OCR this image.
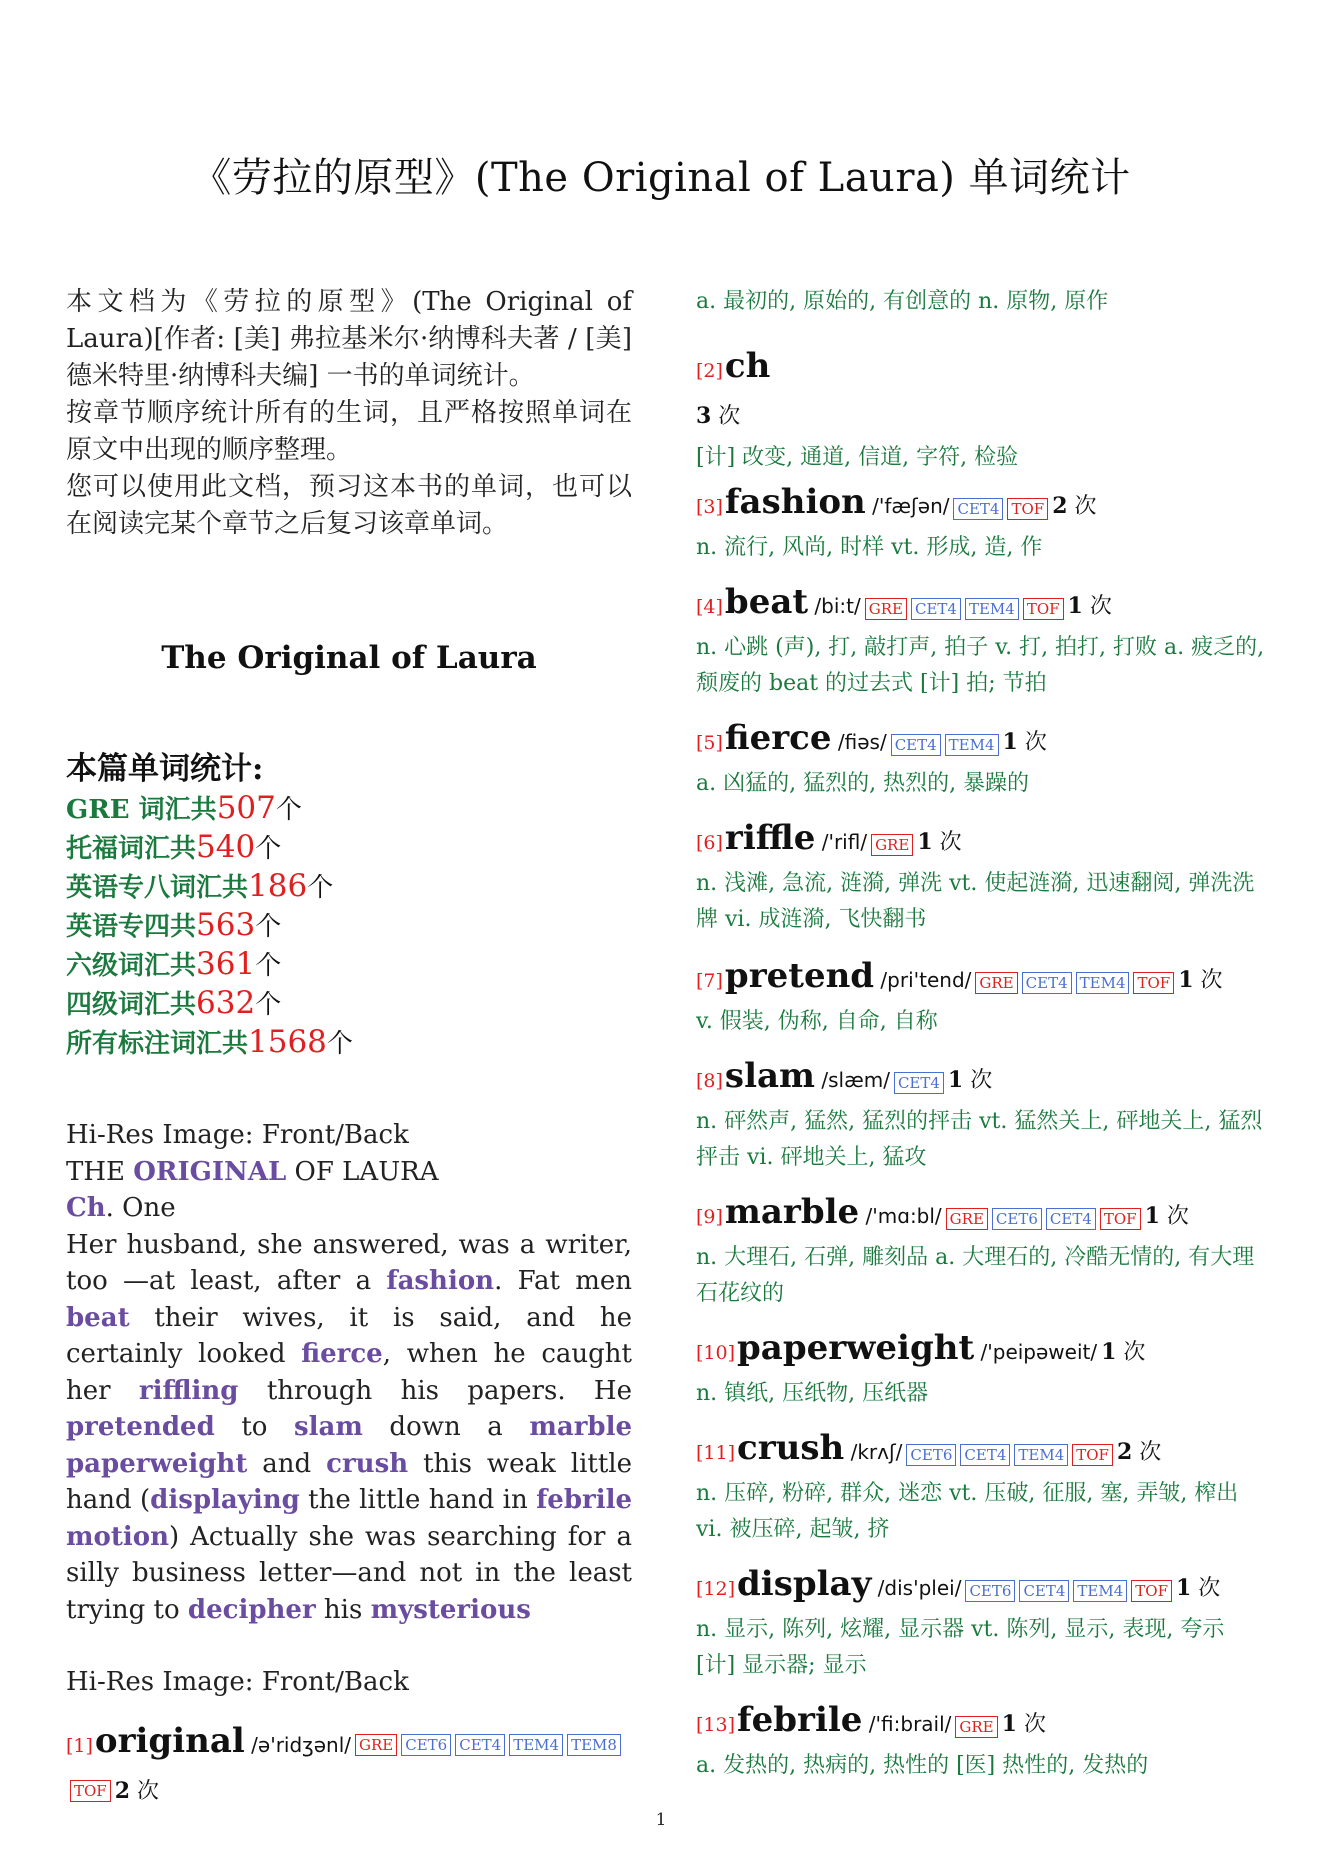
《劳拉的原型》(The Original of Laura) 单词统计

本文档为《劳拉的原型》(The Original of Laura)[作者: [美] 弗拉基米尔·纳博科夫著 / [美] 德米特里·纳博科夫编] 一书的单词统计。

按章节顺序统计所有的生词，且严格按照单词在原文中出现的顺序整理。

您可以使用此文档，预习这本书的单词，也可以在阅读完某个章节之后复习该章单词。

The Original of Laura
本篇单词统计:
GRE 词汇共507个
托福词汇共540个
英语专八词汇共186个
英语专四共563个
六级词汇共361个
四级词汇共632个
所有标注词汇共1568个

Hi-Res Image: Front/Back

THE ORIGINAL OF LAURA

Ch. One

Her husband, she answered, was a writer, too —at least, after a fashion. Fat men beat their wives, it is said, and he certainly looked fierce, when he caught her riffling through his papers. He pretended to slam down a marble paperweight and crush this weak little hand (displaying the little hand in febrile motion) Actually she was searching for a silly business letter—and not in the least trying to decipher his mysterious

Hi-Res Image: Front/Back

[1]original /ə'ridʒənl/ GRE CET6 CET4 TEM4 TEM8TOF 2 次

a. 最初的, 原始的, 有创意的 n. 原物, 原作

[2]ch
3 次

[计] 改变, 通道, 信道, 字符, 检验

[3]fashion /'fæʃən/ CET4 TOF 2 次

n. 流行, 风尚, 时样 vt. 形成, 造, 作

[4]beat /bi:t/ GRE CET4 TEM4 TOF 1 次

n. 心跳 (声), 打, 敲打声, 拍子 v. 打, 拍打, 打败 a. 疲乏的, 颓废的 beat 的过去式 [计] 拍; 节拍

[5]fierce /fiəs/ CET4 TEM4 1 次

a. 凶猛的, 猛烈的, 热烈的, 暴躁的

[6]riffle /'rifl/ GRE 1 次

n. 浅滩, 急流, 涟漪, 弹洗 vt. 使起涟漪, 迅速翻阅, 弹洗洗牌 vi. 成涟漪, 飞快翻书

[7]pretend /pri'tend/ GRE CET4 TEM4 TOF 1 次

v. 假装, 伪称, 自命, 自称

[8]slam /slæm/ CET4 1 次

n. 砰然声, 猛然, 猛烈的抨击 vt. 猛然关上, 砰地关上, 猛烈抨击 vi. 砰地关上, 猛攻

[9]marble /'mɑ:bl/ GRE CET6 CET4 TOF 1 次

n. 大理石, 石弹, 雕刻品 a. 大理石的, 冷酷无情的, 有大理石花纹的

[10]paperweight /'peipəweit/ 1 次

n. 镇纸, 压纸物, 压纸器

[11]crush /krʌʃ/ CET6 CET4 TEM4 TOF 2 次

n. 压碎, 粉碎, 群众, 迷恋 vt. 压破, 征服, 塞, 弄皱, 榨出 vi. 被压碎, 起皱, 挤

[12]display /dis'plei/ CET6 CET4 TEM4 TOF 1 次

n. 显示, 陈列, 炫耀, 显示器 vt. 陈列, 显示, 表现, 夸示 [计] 显示器; 显示

[13]febrile /'fi:brail/ GRE 1 次

a. 发热的, 热病的, 热性的 [医] 热性的, 发热的

1
